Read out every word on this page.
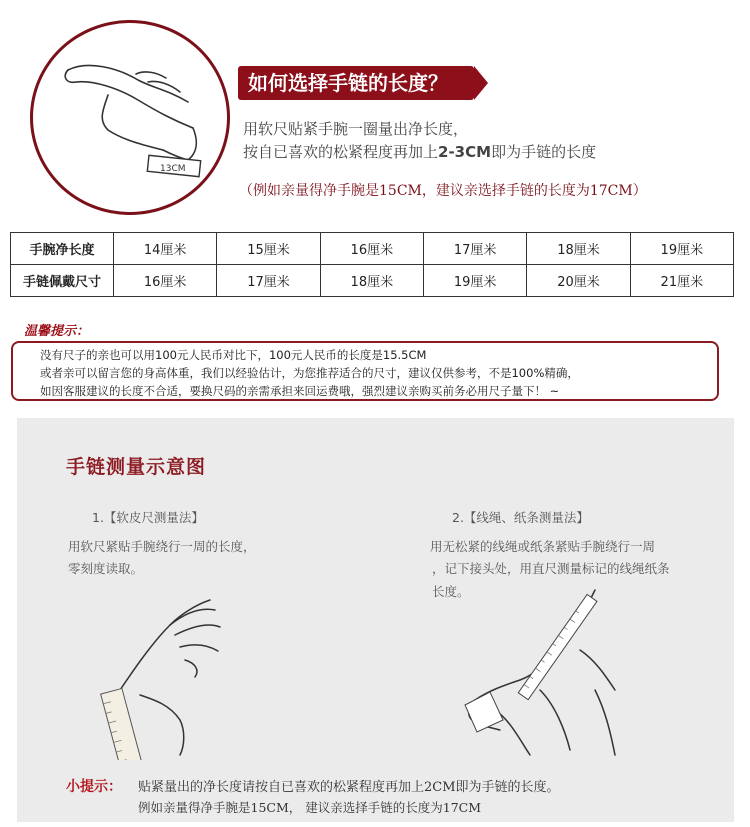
13CM
如何选择手链的长度？
用软尺贴紧手腕一圈量出净长度，
按自已喜欢的松紧程度再加上2-3CM即为手链的长度
（例如亲量得净手腕是15CM，建议亲选择手链的长度为17CM）
手腕净长度	14厘米	15厘米	16厘米	17厘米	18厘米	19厘米
手链佩戴尺寸	16厘米	17厘米	18厘米	19厘米	20厘米	21厘米
温馨提示：
没有尺子的亲也可以用100元人民币对比下，100元人民币的长度是15.5CM
或者亲可以留言您的身高体重，我们以经验估计，为您推荐适合的尺寸，建议仅供参考，不是100%精确，
如因客服建议的长度不合适，要换尺码的亲需承担来回运费哦，强烈建议亲购买前务必用尺子量下！ ~
手链测量示意图
1.【软皮尺测量法】	2.【线绳、纸条测量法】
用软尺紧贴手腕绕行一周的长度，
零刻度读取。
用无松紧的线绳或纸条紧贴手腕绕行一周
，记下接头处，用直尺测量标记的线绳纸条
长度。
小提示： 贴紧量出的净长度请按自已喜欢的松紧程度再加上2CM即为手链的长度。
例如亲量得净手腕是15CM， 建议亲选择手链的长度为17CM
